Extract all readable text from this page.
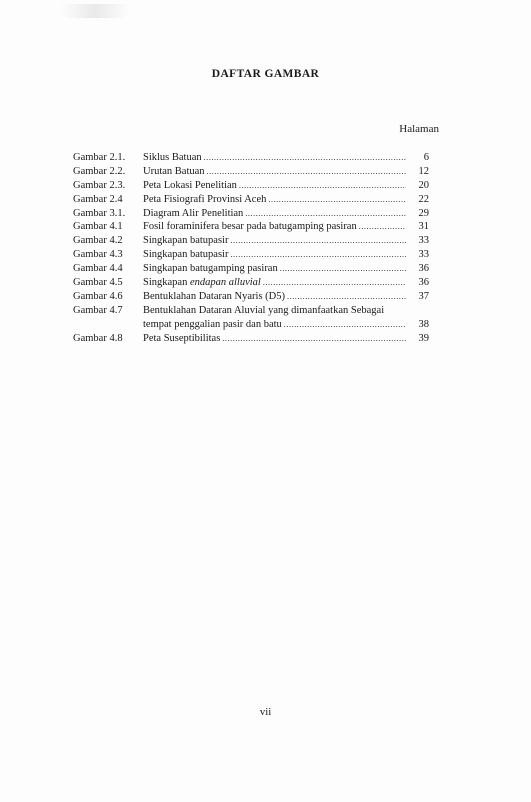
DAFTAR GAMBAR
Halaman
Gambar 2.1.	Siklus Batuan .....	6
Gambar 2.2.	Urutan Batuan .....	12
Gambar 2.3.	Peta Lokasi Penelitian .....	20
Gambar 2.4	Peta Fisiografi Provinsi Aceh .....	22
Gambar 3.1.	Diagram Alir Penelitian .....	29
Gambar 4.1	Fosil foraminifera besar pada batugamping pasiran .....	31
Gambar 4.2	Singkapan batupasir .....	33
Gambar 4.3	Singkapan batupasir .....	33
Gambar 4.4	Singkapan batugamping pasiran .....	36
Gambar 4.5	Singkapan endapan alluvial .....	36
Gambar 4.6	Bentuklahan Dataran Nyaris (D5) .....	37
Gambar 4.7	Bentuklahan Dataran Aluvial yang dimanfaatkan Sebagai
tempat penggalian pasir dan batu .....	38
Gambar 4.8	Peta Suseptibilitas .....	39
vii
